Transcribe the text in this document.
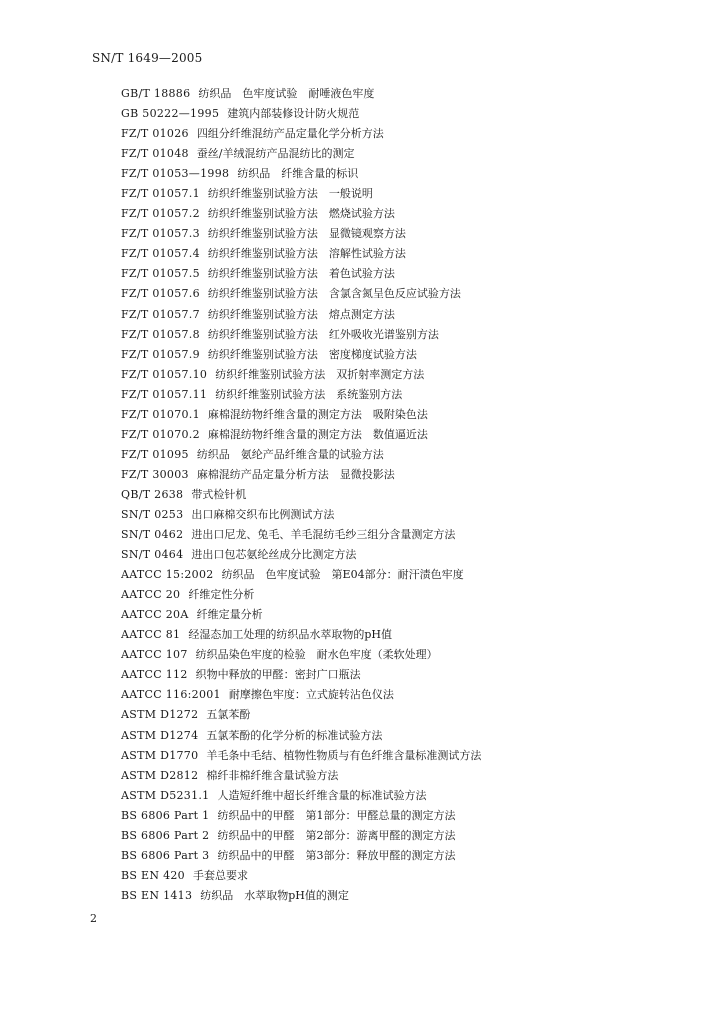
SN/T 1649—2005
GB/T 18886 纺织品　色牢度试验　耐唾液色牢度
GB 50222—1995 建筑内部装修设计防火规范
FZ/T 01026 四组分纤维混纺产品定量化学分析方法
FZ/T 01048 蚕丝/羊绒混纺产品混纺比的测定
FZ/T 01053—1998 纺织品　纤维含量的标识
FZ/T 01057.1 纺织纤维鉴别试验方法　一般说明
FZ/T 01057.2 纺织纤维鉴别试验方法　燃烧试验方法
FZ/T 01057.3 纺织纤维鉴别试验方法　显微镜观察方法
FZ/T 01057.4 纺织纤维鉴别试验方法　溶解性试验方法
FZ/T 01057.5 纺织纤维鉴别试验方法　着色试验方法
FZ/T 01057.6 纺织纤维鉴别试验方法　含氯含氮呈色反应试验方法
FZ/T 01057.7 纺织纤维鉴别试验方法　熔点测定方法
FZ/T 01057.8 纺织纤维鉴别试验方法　红外吸收光谱鉴别方法
FZ/T 01057.9 纺织纤维鉴别试验方法　密度梯度试验方法
FZ/T 01057.10 纺织纤维鉴别试验方法　双折射率测定方法
FZ/T 01057.11 纺织纤维鉴别试验方法　系统鉴别方法
FZ/T 01070.1 麻棉混纺物纤维含量的测定方法　吸附染色法
FZ/T 01070.2 麻棉混纺物纤维含量的测定方法　数值逼近法
FZ/T 01095 纺织品　氨纶产品纤维含量的试验方法
FZ/T 30003 麻棉混纺产品定量分析方法　显微投影法
QB/T 2638 带式检针机
SN/T 0253 出口麻棉交织布比例测试方法
SN/T 0462 进出口尼龙、兔毛、羊毛混纺毛纱三组分含量测定方法
SN/T 0464 进出口包芯氨纶丝成分比测定方法
AATCC 15:2002 纺织品　色牢度试验　第E04部分：耐汗渍色牢度
AATCC 20 纤维定性分析
AATCC 20A 纤维定量分析
AATCC 81 经湿态加工处理的纺织品水萃取物的pH值
AATCC 107 纺织品染色牢度的检验　耐水色牢度（柔软处理）
AATCC 112 织物中释放的甲醛：密封广口瓶法
AATCC 116:2001 耐摩擦色牢度：立式旋转沾色仪法
ASTM D1272 五氯苯酚
ASTM D1274 五氯苯酚的化学分析的标准试验方法
ASTM D1770 羊毛条中毛结、植物性物质与有色纤维含量标准测试方法
ASTM D2812 棉纤非棉纤维含量试验方法
ASTM D5231.1 人造短纤维中超长纤维含量的标准试验方法
BS 6806 Part 1 纺织品中的甲醛　第1部分：甲醛总量的测定方法
BS 6806 Part 2 纺织品中的甲醛　第2部分：游离甲醛的测定方法
BS 6806 Part 3 纺织品中的甲醛　第3部分：释放甲醛的测定方法
BS EN 420 手套总要求
BS EN 1413 纺织品　水萃取物pH值的测定
2
